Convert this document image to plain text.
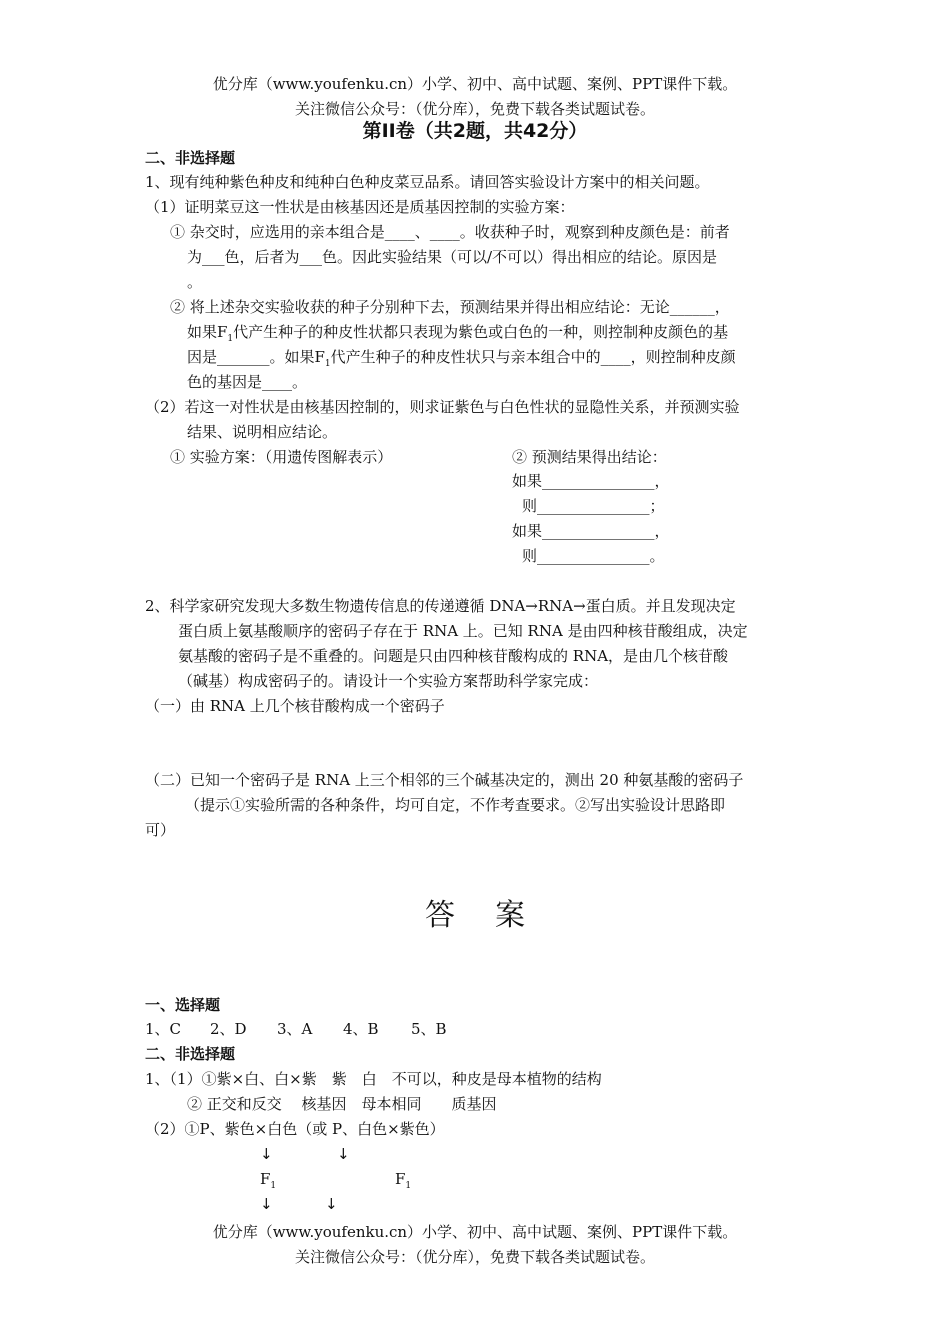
优分库（www.youfenku.cn）小学、初中、高中试题、案例、PPT课件下载。
关注微信公众号：（优分库），免费下载各类试题试卷。
第II卷（共2题，共42分）
二、非选择题
1、现有纯种紫色种皮和纯种白色种皮菜豆品系。请回答实验设计方案中的相关问题。
（1）证明菜豆这一性状是由核基因还是质基因控制的实验方案：
① 杂交时，应选用的亲本组合是____、____。收获种子时，观察到种皮颜色是：前者
为___色，后者为___色。因此实验结果（可以/不可以）得出相应的结论。原因是
。
② 将上述杂交实验收获的种子分别种下去，预测结果并得出相应结论：无论______，
如果$F_1$代产生种子的种皮性状都只表现为紫色或白色的一种，则控制种皮颜色的基
因是_______。如果$F_1$代产生种子的种皮性状只与亲本组合中的____，则控制种皮颜
色的基因是____。
（2）若这一对性状是由核基因控制的，则求证紫色与白色性状的显隐性关系，并预测实验
结果、说明相应结论。
① 实验方案：（用遗传图解表示）	② 预测结果得出结论：
如果_______________，
则_______________；
如果_______________，
则_______________。
2、科学家研究发现大多数生物遗传信息的传递遵循 DNA→RNA→蛋白质。并且发现决定
蛋白质上氨基酸顺序的密码子存在于 RNA 上。已知 RNA 是由四种核苷酸组成，决定
氨基酸的密码子是不重叠的。问题是只由四种核苷酸构成的 RNA，是由几个核苷酸
（碱基）构成密码子的。请设计一个实验方案帮助科学家完成：
（一）由 RNA 上几个核苷酸构成一个密码子
（二）已知一个密码子是 RNA 上三个相邻的三个碱基决定的，测出 20 种氨基酸的密码子
（提示①实验所需的各种条件，均可自定，不作考查要求。②写出实验设计思路即
可）
答案
一、选择题
1、C 2、D 3、A 4、B 5、B
二、非选择题
1、（1）①紫×白、白×紫　紫　白　不可以，种皮是母本植物的结构
② 正交和反交　 核基因　母本相同　　质基因
（2）①P、紫色×白色（或 P、白色×紫色）
↓	↓
$F_1$	$F_1$
↓	↓
优分库（www.youfenku.cn）小学、初中、高中试题、案例、PPT课件下载。
关注微信公众号：（优分库），免费下载各类试题试卷。
